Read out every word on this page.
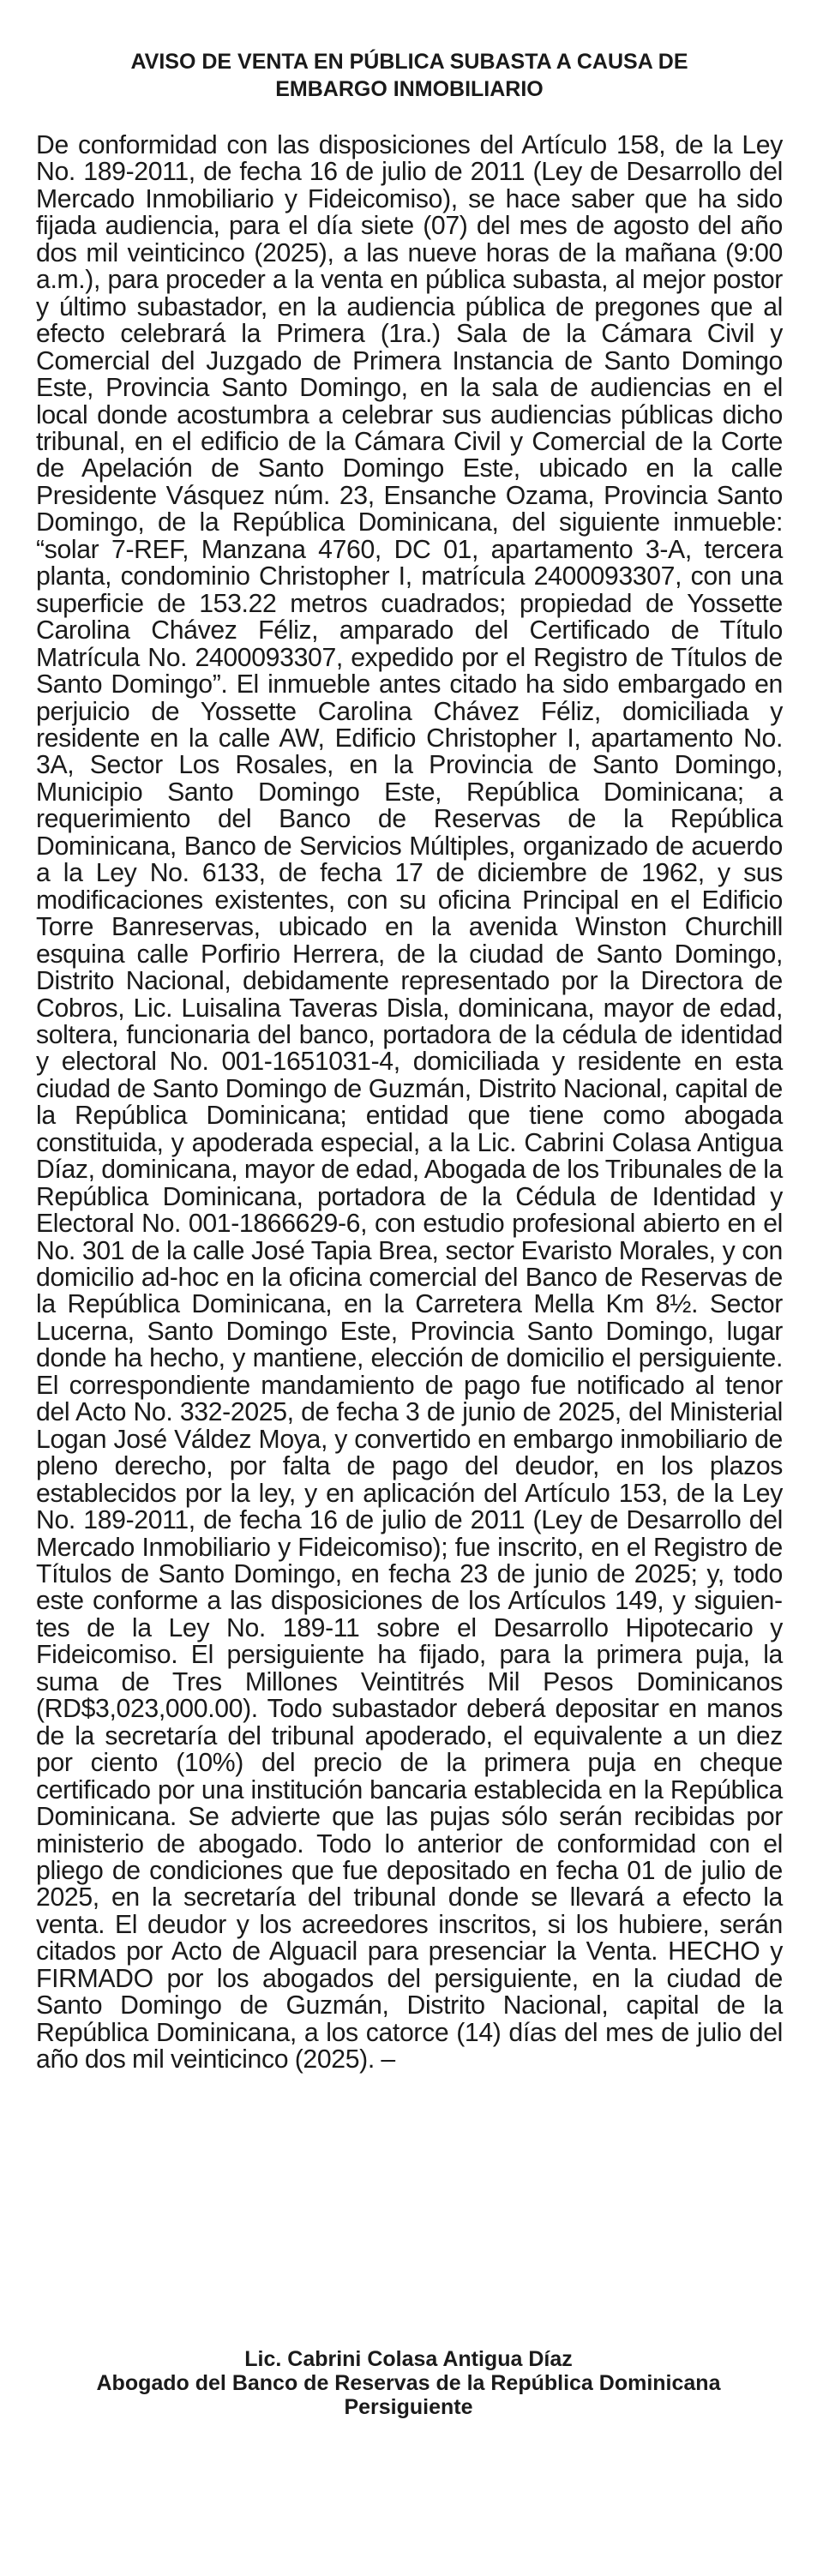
AVISO DE VENTA EN PÚBLICA SUBASTA A CAUSA DE EMBARGO INMOBILIARIO

De conformidad con las disposiciones del Artículo 158, de la Ley No. 189-2011, de fecha 16 de julio de 2011 (Ley de Desarrollo del Mercado Inmobiliario y Fideicomiso), se hace saber que ha sido fijada audiencia, para el día siete (07) del mes de agosto del año dos mil veinticinco (2025), a las nueve horas de la mañana (9:00 a.m.), para proceder a la venta en pública subasta, al mejor postor y último subastador, en la audiencia pública de pregones que al efecto celebrará la Primera (1ra.) Sala de la Cámara Civil y Comercial del Juzgado de Primera Instancia de Santo Domingo Este, Provincia Santo Domingo, en la sala de audiencias en el local donde acostumbra a celebrar sus audiencias públicas dicho tribunal, en el edificio de la Cámara Civil y Comercial de la Corte de Apelación de Santo Domingo Este, ubicado en la calle Presidente Vásquez núm. 23, Ensanche Ozama, Provincia Santo Domingo, de la República Dominicana, del siguiente inmueble: “solar 7-REF, Manzana 4760, DC 01, apartamento 3-A, tercera planta, condominio Christopher I, matrícula 2400093307, con una superficie de 153.22 metros cuadrados; propiedad de Yossette Carolina Chávez Féliz, amparado del Certificado de Título Matrícula No. 2400093307, expedido por el Registro de Títulos de Santo Domingo”. El inmueble antes citado ha sido embargado en perjuicio de Yossette Carolina Chávez Féliz, domiciliada y residente en la calle AW, Edificio Christopher I, apartamento No. 3A, Sector Los Rosales, en la Provincia de Santo Domingo, Municipio Santo Domingo Este, República Dominicana; a requerimiento del Banco de Reservas de la República Dominicana, Banco de Servicios Múltiples, organizado de acuerdo a la Ley No. 6133, de fecha 17 de diciembre de 1962, y sus modificaciones existentes, con su oficina Principal en el Edificio Torre Banreservas, ubicado en la avenida Winston Churchill esquina calle Porfirio Herrera, de la ciudad de Santo Domingo, Distrito Nacional, debidamente representado por la Directora de Cobros, Lic. Luisalina Taveras Disla, dominicana, mayor de edad, soltera, funcionaria del banco, portadora de la cédula de identidad y electoral No. 001-1651031-4, domiciliada y residente en esta ciudad de Santo Domingo de Guzmán, Distrito Nacional, capital de la República Dominicana; entidad que tiene como abogada constituida, y apoderada especial, a la Lic. Cabrini Colasa Antigua Díaz, dominicana, mayor de edad, Abogada de los Tribunales de la República Dominicana, portadora de la Cédula de Identidad y Electoral No. 001-1866629-6, con estudio profesional abierto en el No. 301 de la calle José Tapia Brea, sector Evaristo Morales, y con domicilio ad-hoc en la oficina comercial del Banco de Reservas de la República Dominicana, en la Carretera Mella Km 8½. Sector Lucerna, Santo Domingo Este, Provincia Santo Domingo, lugar donde ha hecho, y mantiene, elección de domicilio el persiguiente. El correspondiente mandamiento de pago fue notificado al tenor del Acto No. 332-2025, de fecha 3 de junio de 2025, del Ministerial Logan José Váldez Moya, y convertido en embargo inmobiliario de pleno derecho, por falta de pago del deudor, en los plazos establecidos por la ley, y en aplicación del Artículo 153, de la Ley No. 189-2011, de fecha 16 de julio de 2011 (Ley de Desarrollo del Mercado Inmobiliario y Fideicomiso); fue inscrito, en el Registro de Títulos de Santo Domingo, en fecha 23 de junio de 2025; y, todo este conforme a las disposiciones de los Artículos 149, y siguientes de la Ley No. 189-11 sobre el Desarrollo Hipotecario y Fideicomiso. El persiguiente ha fijado, para la primera puja, la suma de Tres Millones Veintitrés Mil Pesos Dominicanos (RD$3,023,000.00). Todo subastador deberá depositar en manos de la secretaría del tribunal apoderado, el equivalente a un diez por ciento (10%) del precio de la primera puja en cheque certificado por una institución bancaria establecida en la República Dominicana. Se advierte que las pujas sólo serán recibidas por ministerio de abogado. Todo lo anterior de conformidad con el pliego de condiciones que fue depositado en fecha 01 de julio de 2025, en la secretaría del tribunal donde se llevará a efecto la venta. El deudor y los acreedores inscritos, si los hubiere, serán citados por Acto de Alguacil para presenciar la Venta. HECHO y FIRMADO por los abogados del persiguiente, en la ciudad de Santo Domingo de Guzmán, Distrito Nacional, capital de la República Dominicana, a los catorce (14) días del mes de julio del año dos mil veinticinco (2025). –

Lic. Cabrini Colasa Antigua Díaz
Abogado del Banco de Reservas de la República Dominicana
Persiguiente
